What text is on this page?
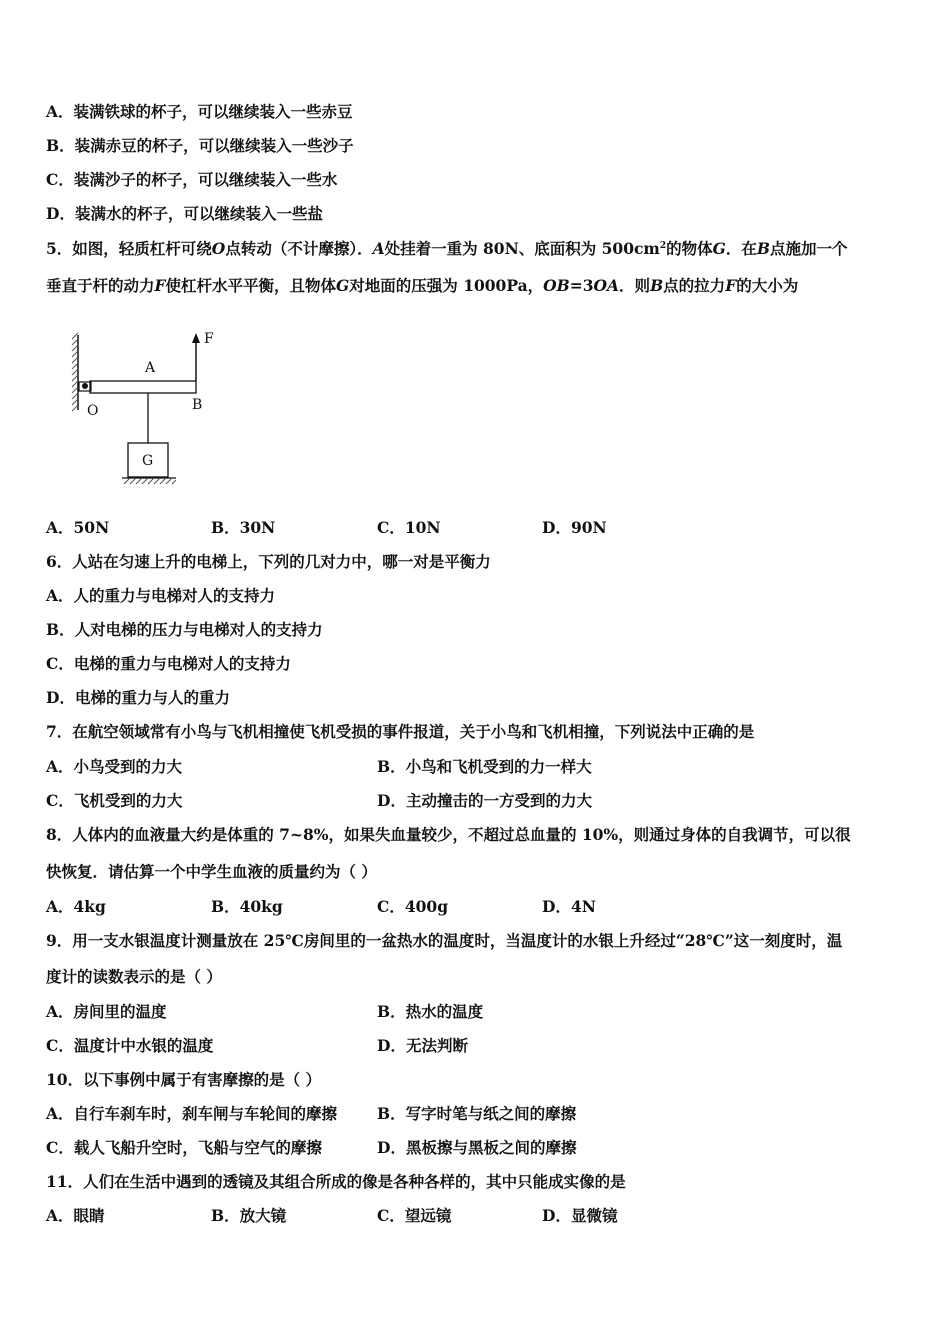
A．装满铁球的杯子，可以继续装入一些赤豆
B．装满赤豆的杯子，可以继续装入一些沙子
C．装满沙子的杯子，可以继续装入一些水
D．装满水的杯子，可以继续装入一些盐
5．如图，轻质杠杆可绕O点转动（不计摩擦）．A处挂着一重为 80N、底面积为 $500cm^2$的物体G．在B点施加一个
垂直于杆的动力F使杠杆水平平衡，且物体G对地面的压强为 1000Pa，OB=3OA．则B点的拉力F的大小为
F
A
O	B
G
A．50N	B．30N	C．10N	D．90N
6．人站在匀速上升的电梯上，下列的几对力中，哪一对是平衡力
A．人的重力与电梯对人的支持力
B．人对电梯的压力与电梯对人的支持力
C．电梯的重力与电梯对人的支持力
D．电梯的重力与人的重力
7．在航空领域常有小鸟与飞机相撞使飞机受损的事件报道，关于小鸟和飞机相撞，下列说法中正确的是
A．小鸟受到的力大	B．小鸟和飞机受到的力一样大
C．飞机受到的力大	D．主动撞击的一方受到的力大
8．人体内的血液量大约是体重的 7~8%，如果失血量较少，不超过总血量的 10%，则通过身体的自我调节，可以很
快恢复．请估算一个中学生血液的质量约为（ ）
A．4kg	B．40kg	C．400g	D．4N
9．用一支水银温度计测量放在 25℃房间里的一盆热水的温度时，当温度计的水银上升经过“28℃”这一刻度时，温
度计的读数表示的是（ ）
A．房间里的温度	B．热水的温度
C．温度计中水银的温度	D．无法判断
10．以下事例中属于有害摩擦的是（ ）
A．自行车刹车时，刹车闸与车轮间的摩擦	B．写字时笔与纸之间的摩擦
C．载人飞船升空时，飞船与空气的摩擦	D．黑板擦与黑板之间的摩擦
11．人们在生活中遇到的透镜及其组合所成的像是各种各样的，其中只能成实像的是
A．眼睛	B．放大镜	C．望远镜	D．显微镜
